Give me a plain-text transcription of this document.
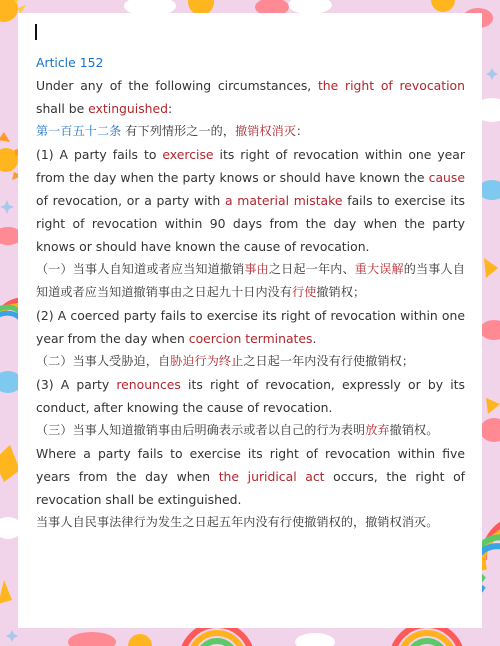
Article 152

Under any of the following circumstances, the right of revocation shall be extinguished:

第一百五十二条 有下列情形之一的，撤销权消灭：

(1) A party fails to exercise its right of revocation within one year from the day when the party knows or should have known the cause of revocation, or a party with a material mistake fails to exercise its right of revocation within 90 days from the day when the party knows or should have known the cause of revocation.

（一）当事人自知道或者应当知道撤销事由之日起一年内、重大误解的当事人自知道或者应当知道撤销事由之日起九十日内没有行使撤销权；

(2) A coerced party fails to exercise its right of revocation within one year from the day when coercion terminates.

（二）当事人受胁迫，自胁迫行为终止之日起一年内没有行使撤销权；

(3) A party renounces its right of revocation, expressly or by its conduct, after knowing the cause of revocation.

（三）当事人知道撤销事由后明确表示或者以自己的行为表明放弃撤销权。

Where a party fails to exercise its right of revocation within five years from the day when the juridical act occurs, the right of revocation shall be extinguished.

当事人自民事法律行为发生之日起五年内没有行使撤销权的，撤销权消灭。
